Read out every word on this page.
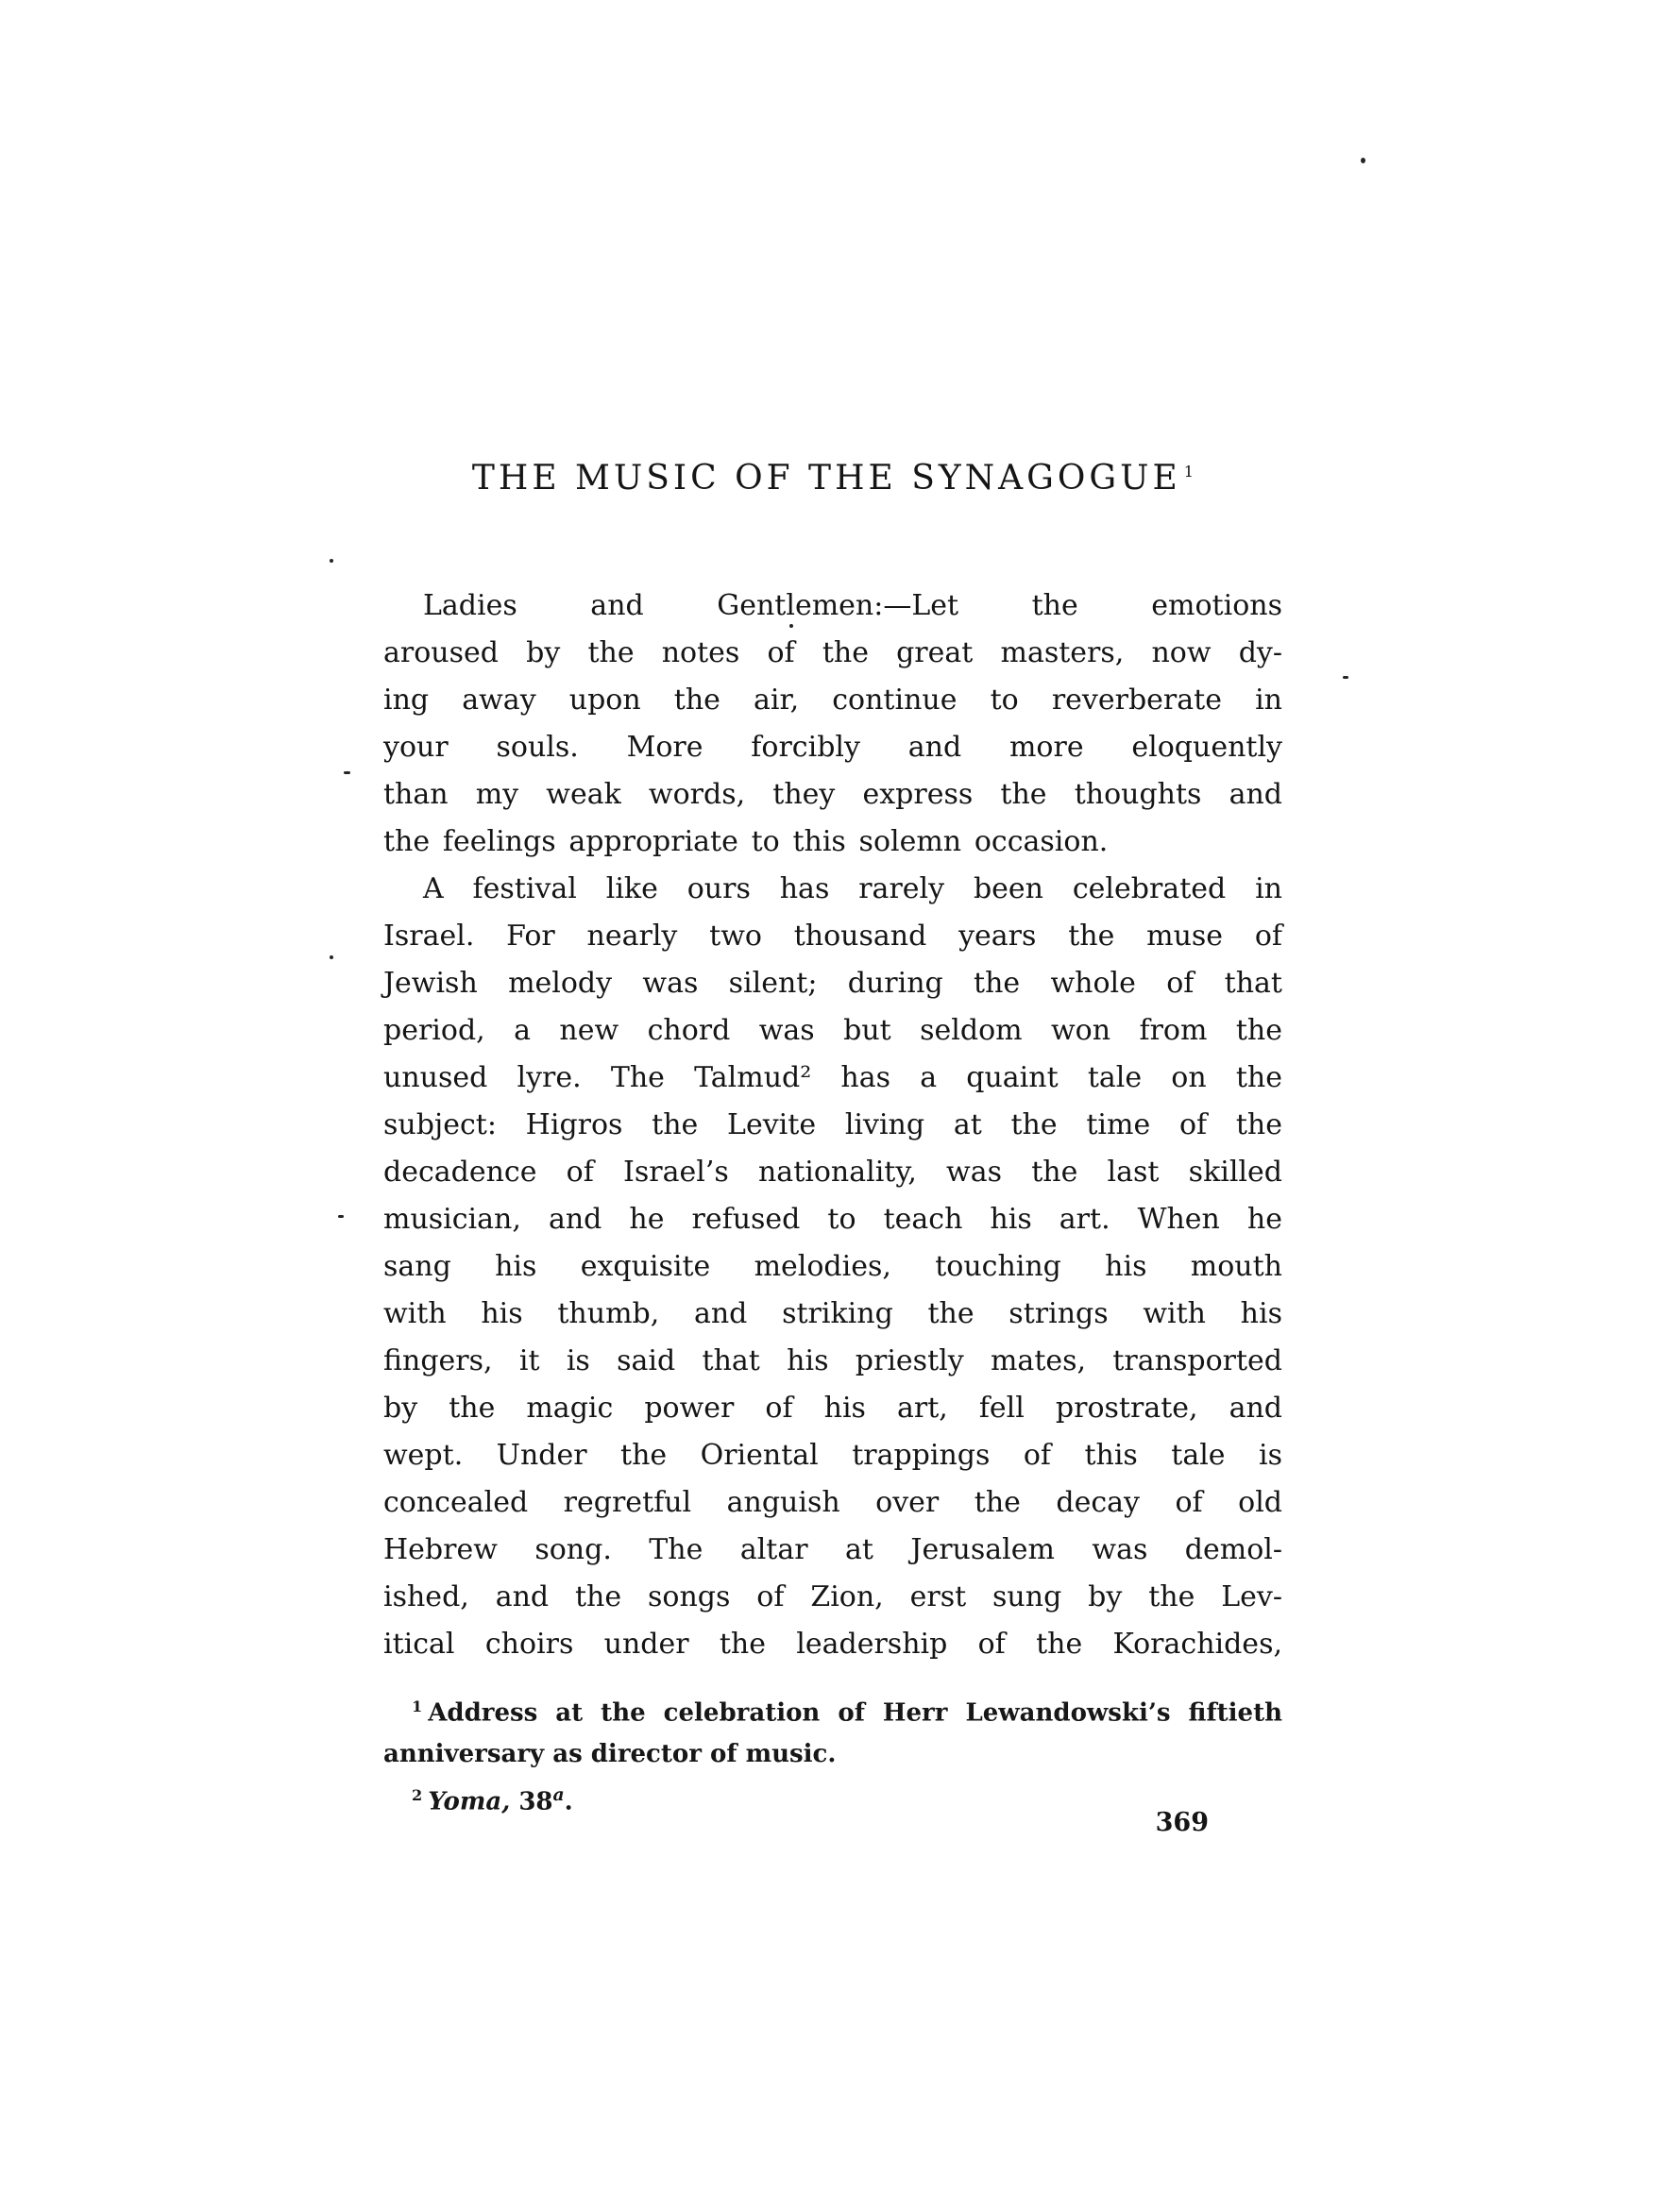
THE MUSIC OF THE SYNAGOGUE $^1$
Ladies and Gentlemen:—Let the emotions
aroused by the notes of the great masters, now dy-
ing away upon the air, continue to reverberate in
your souls. More forcibly and more eloquently
than my weak words, they express the thoughts and
the feelings appropriate to this solemn occasion.
A festival like ours has rarely been celebrated in
Israel. For nearly two thousand years the muse of
Jewish melody was silent; during the whole of that
period, a new chord was but seldom won from the
unused lyre. The Talmud² has a quaint tale on the
subject: Higros the Levite living at the time of the
decadence of Israel’s nationality, was the last skilled
musician, and he refused to teach his art. When he
sang his exquisite melodies, touching his mouth
with his thumb, and striking the strings with his
fingers, it is said that his priestly mates, transported
by the magic power of his art, fell prostrate, and
wept. Under the Oriental trappings of this tale is
concealed regretful anguish over the decay of old
Hebrew song. The altar at Jerusalem was demol-
ished, and the songs of Zion, erst sung by the Lev-
itical choirs under the leadership of the Korachides,
$^1$ Address at the celebration of Herr Lewandowski’s fiftieth
anniversary as director of music.
$^2$ Yoma, 38$^a$.
369
